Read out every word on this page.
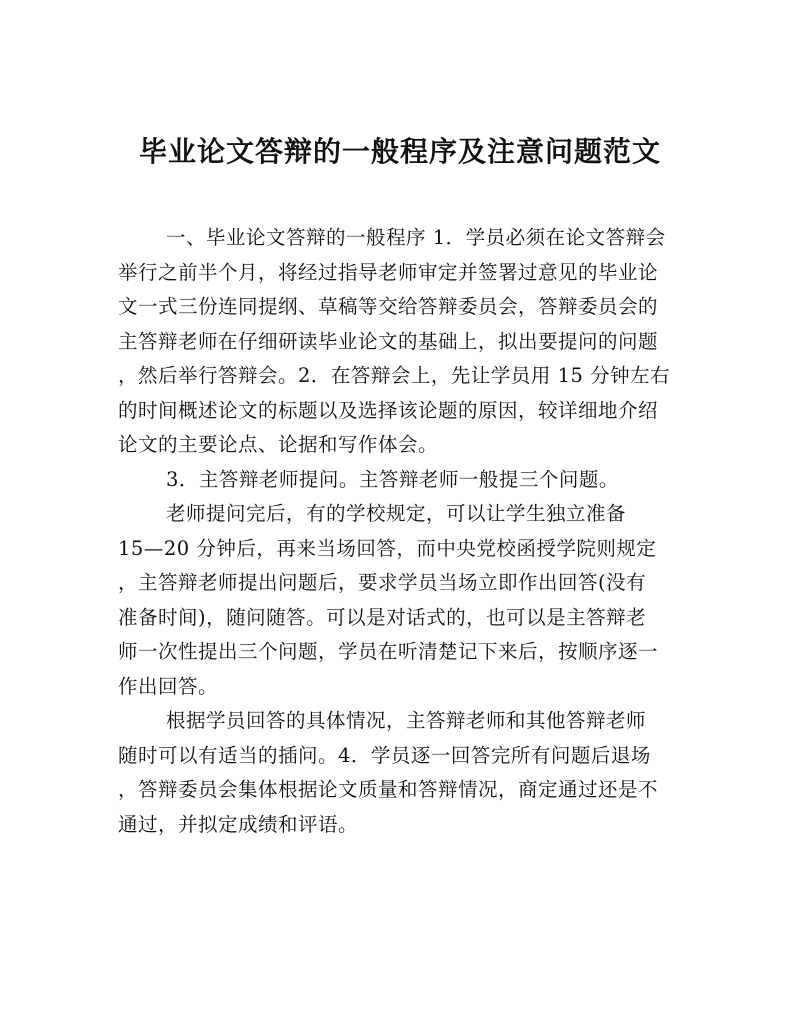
毕业论文答辩的一般程序及注意问题范文
一、毕业论文答辩的一般程序 1．学员必须在论文答辩会
举行之前半个月，将经过指导老师审定并签署过意见的毕业论
文一式三份连同提纲、草稿等交给答辩委员会，答辩委员会的
主答辩老师在仔细研读毕业论文的基础上，拟出要提问的问题
，然后举行答辩会。2．在答辩会上，先让学员用 15 分钟左右
的时间概述论文的标题以及选择该论题的原因，较详细地介绍
论文的主要论点、论据和写作体会。
3．主答辩老师提问。主答辩老师一般提三个问题。
老师提问完后，有的学校规定，可以让学生独立准备
15—20 分钟后，再来当场回答，而中央党校函授学院则规定
，主答辩老师提出问题后，要求学员当场立即作出回答(没有
准备时间)，随问随答。可以是对话式的，也可以是主答辩老
师一次性提出三个问题，学员在听清楚记下来后，按顺序逐一
作出回答。
根据学员回答的具体情况，主答辩老师和其他答辩老师
随时可以有适当的插问。4．学员逐一回答完所有问题后退场
，答辩委员会集体根据论文质量和答辩情况，商定通过还是不
通过，并拟定成绩和评语。
